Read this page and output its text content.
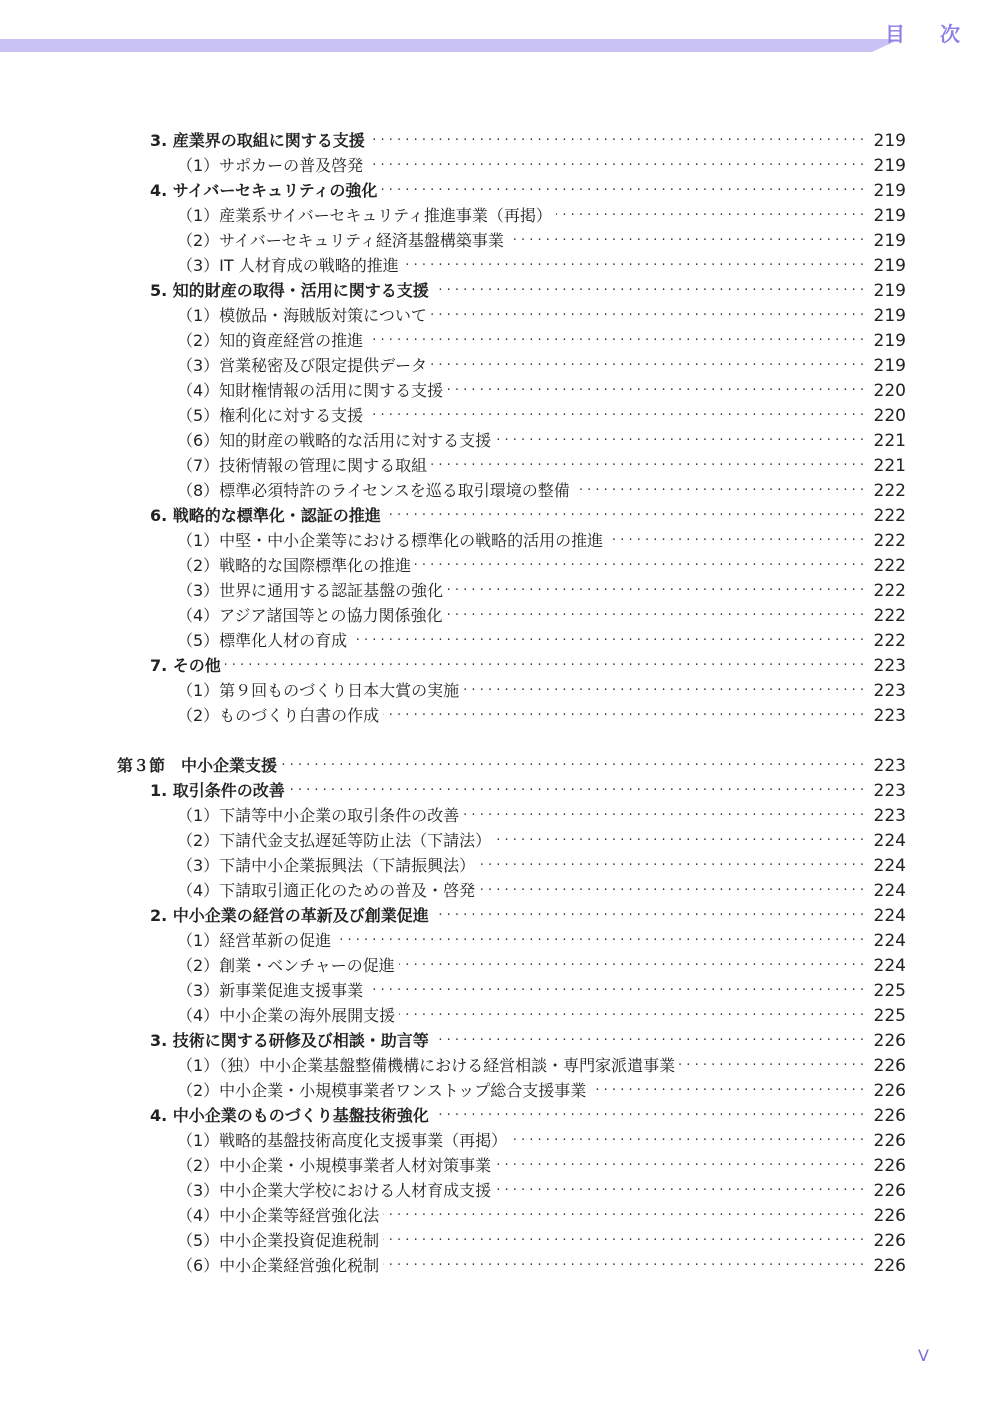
目 次
3. 産業界の取組に関する支援 · ·	219
（1）サポカーの普及啓発 · ·	219
4. サイバーセキュリティの強化 · ·	219
（1）産業系サイバーセキュリティ推進事業（再掲） · ·	219
（2）サイバーセキュリティ経済基盤構築事業 · ·	219
（3）IT 人材育成の戦略的推進 · ·	219
5. 知的財産の取得・活用に関する支援 · ·	219
（1）模倣品・海賊版対策について · ·	219
（2）知的資産経営の推進 · ·	219
（3）営業秘密及び限定提供データ · ·	219
（4）知財権情報の活用に関する支援 · ·	220
（5）権利化に対する支援 · ·	220
（6）知的財産の戦略的な活用に対する支援 · ·	221
（7）技術情報の管理に関する取組 · ·	221
（8）標準必須特許のライセンスを巡る取引環境の整備 · ·	222
6. 戦略的な標準化・認証の推進 · ·	222
（1）中堅・中小企業等における標準化の戦略的活用の推進 · ·	222
（2）戦略的な国際標準化の推進 · ·	222
（3）世界に通用する認証基盤の強化 · ·	222
（4）アジア諸国等との協力関係強化 · ·	222
（5）標準化人材の育成 · ·	222
7. その他 · ·	223
（1）第９回ものづくり日本大賞の実施 · ·	223
（2）ものづくり白書の作成 · ·	223
第３節　中小企業支援 · ·	223
1. 取引条件の改善 · ·	223
（1）下請等中小企業の取引条件の改善 · ·	223
（2）下請代金支払遅延等防止法（下請法） · ·	224
（3）下請中小企業振興法（下請振興法） · ·	224
（4）下請取引適正化のための普及・啓発 · ·	224
2. 中小企業の経営の革新及び創業促進 · ·	224
（1）経営革新の促進 · ·	224
（2）創業・ベンチャーの促進 · ·	224
（3）新事業促進支援事業 · ·	225
（4）中小企業の海外展開支援 · ·	225
3. 技術に関する研修及び相談・助言等 · ·	226
（1）（独）中小企業基盤整備機構における経営相談・専門家派遣事業 · ·	226
（2）中小企業・小規模事業者ワンストップ総合支援事業 · ·	226
4. 中小企業のものづくり基盤技術強化 · ·	226
（1）戦略的基盤技術高度化支援事業（再掲） · ·	226
（2）中小企業・小規模事業者人材対策事業 · ·	226
（3）中小企業大学校における人材育成支援 · ·	226
（4）中小企業等経営強化法 · ·	226
（5）中小企業投資促進税制 · ·	226
（6）中小企業経営強化税制 · ·	226
V
